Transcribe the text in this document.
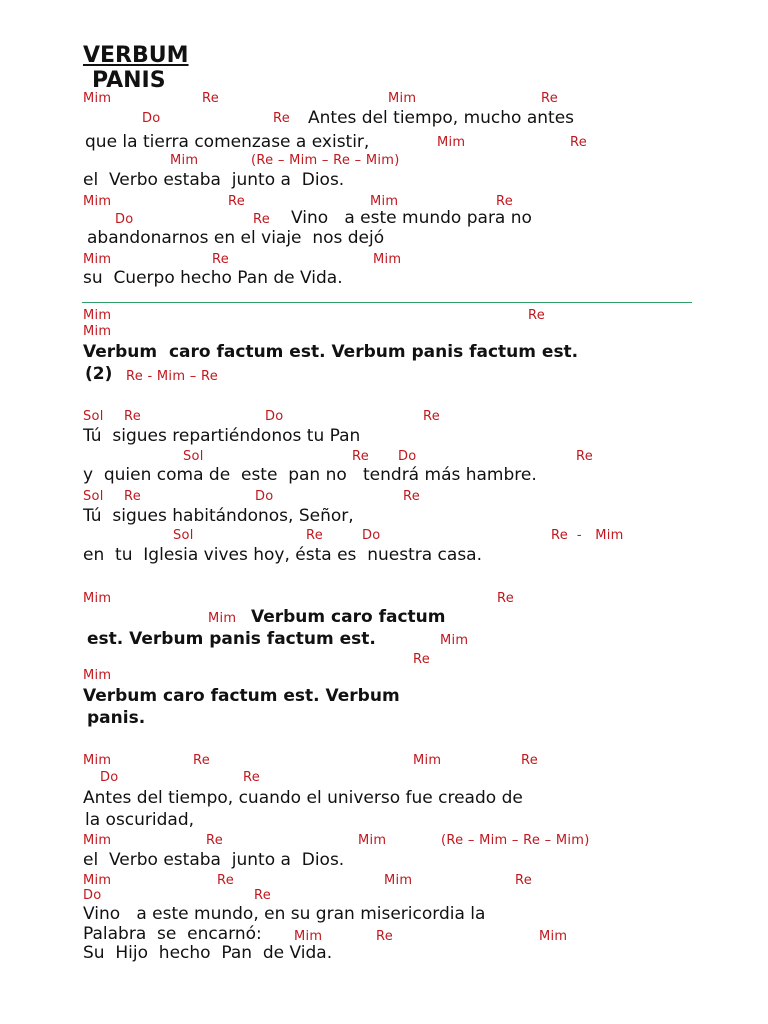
VERBUM
PANIS
Mim	Re	Mim	Re
Do	Re
Mim	Re
Mim	(Re – Mim – Re – Mim)
Mim	Re	Mim	Re
Do	Re
Mim	Re	Mim
Mim	Re
Mim
Re - Mim – Re
Sol Re	Do	Re
Sol	Re Do	Re
Sol Re	Do	Re
Sol	Re	Do	Re  -   Mim
Mim	Re
Mim
Mim
Re
Mim
Mim	Re	Mim	Re
Do	Re
Mim	Re	Mim	(Re – Mim – Re – Mim)
Mim	Re	Mim	Re
Do	Re
Mim	Re	Mim
Antes del tiempo, mucho antes
que la tierra comenzase a existir,
el  Verbo estaba  junto a  Dios.
Vino   a este mundo para no
abandonarnos en el viaje  nos dejó
su  Cuerpo hecho Pan de Vida.
Verbum  caro factum est. Verbum panis factum est.
(2)
Tú  sigues repartiéndonos tu Pan
y  quien coma de  este  pan no   tendrá más hambre.
Tú  sigues habitándonos, Señor,
en  tu  Iglesia vives hoy, ésta es  nuestra casa.
Verbum caro factum
est. Verbum panis factum est.
Verbum caro factum est. Verbum
panis.
Antes del tiempo, cuando el universo fue creado de
la oscuridad,
el  Verbo estaba  junto a  Dios.
Vino   a este mundo, en su gran misericordia la
Palabra  se  encarnó:
Su  Hijo  hecho  Pan  de Vida.
